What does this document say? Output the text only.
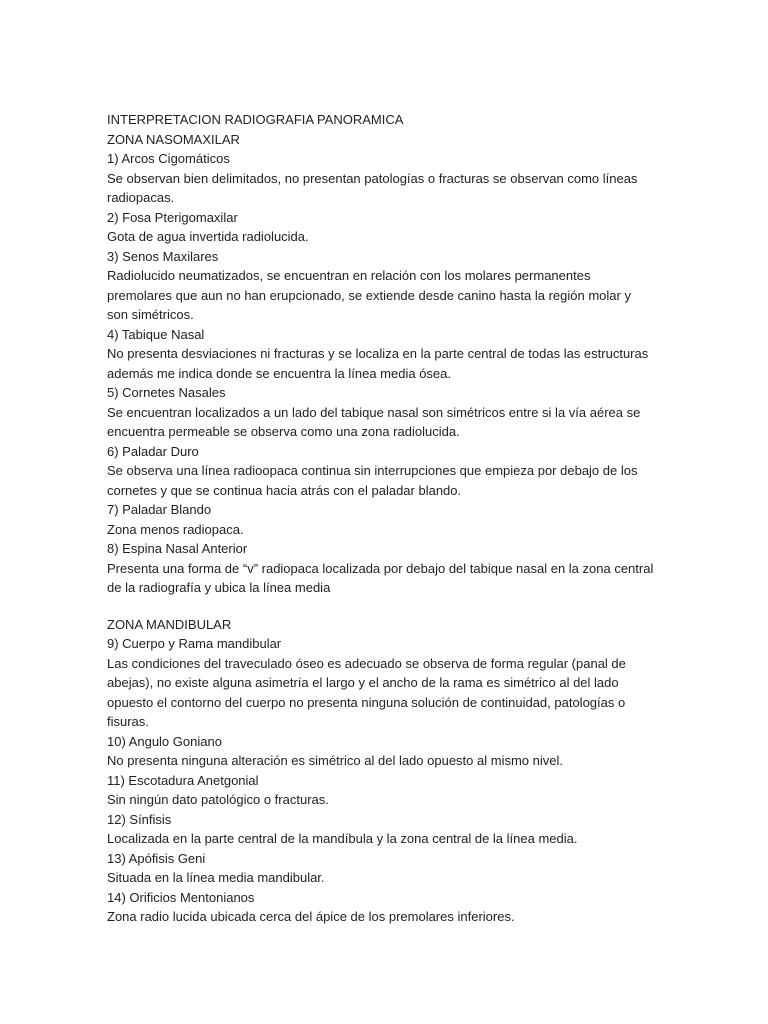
INTERPRETACION RADIOGRAFIA PANORAMICA
ZONA NASOMAXILAR
1) Arcos Cigomáticos
Se observan bien delimitados, no presentan patologías o fracturas se observan como líneas
radiopacas.
2) Fosa Pterigomaxilar
Gota de agua invertida radiolucida.
3) Senos Maxilares
Radiolucido neumatizados, se encuentran en relación con los molares permanentes
premolares que aun no han erupcionado, se extiende desde canino hasta la región molar y
son simétricos.
4) Tabique Nasal
No presenta desviaciones ni fracturas y se localiza en la parte central de todas las estructuras
además me indica donde se encuentra la línea media ósea.
5) Cornetes Nasales
Se encuentran localizados a un lado del tabique nasal son simétricos entre si la vía aérea se
encuentra permeable se observa como una zona radiolucida.
6) Paladar Duro
Se observa una línea radioopaca continua sin interrupciones que empieza por debajo de los
cornetes y que se continua hacia atrás con el paladar blando.
7) Paladar Blando
Zona menos radiopaca.
8) Espina Nasal Anterior
Presenta una forma de “v” radiopaca localizada por debajo del tabique nasal en la zona central
de la radiografía y ubica la línea media
ZONA MANDIBULAR
9) Cuerpo y Rama mandibular
Las condiciones del traveculado óseo es adecuado se observa de forma regular (panal de
abejas), no existe alguna asimetría el largo y el ancho de la rama es simétrico al del lado
opuesto el contorno del cuerpo no presenta ninguna solución de continuidad, patologías o
fisuras.
10) Angulo Goniano
No presenta ninguna alteración es simétrico al del lado opuesto al mismo nivel.
11) Escotadura Anetgonial
Sin ningún dato patológico o fracturas.
12) Sínfisis
Localizada en la parte central de la mandíbula y la zona central de la línea media.
13) Apófisis Geni
Situada en la línea media mandibular.
14) Orificios Mentonianos
Zona radio lucida ubicada cerca del ápice de los premolares inferiores.
